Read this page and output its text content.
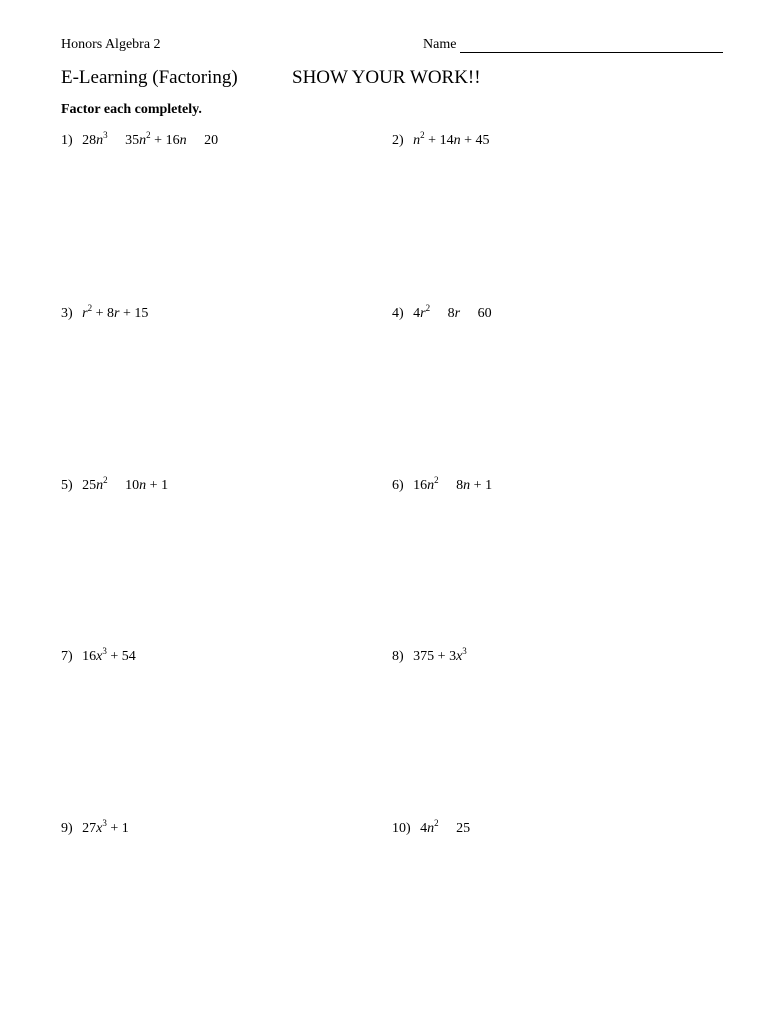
Honors Algebra 2	Name
E-Learning (Factoring)	SHOW YOUR WORK!!
Factor each completely.
1) $28n^3$ $35n^2 + 16n$ 20	2) $n^2 + 14n + 45$
3) $r^2 + 8r + 15$	4) $4r^2$ 8r 60
5) $25n^2$ 10n + 1	6) $16n^2$ 8n + 1
7) $16x^3 + 54$	8) $375 + 3x^3$
9) $27x^3 + 1$	10) $4n^2$ 25
